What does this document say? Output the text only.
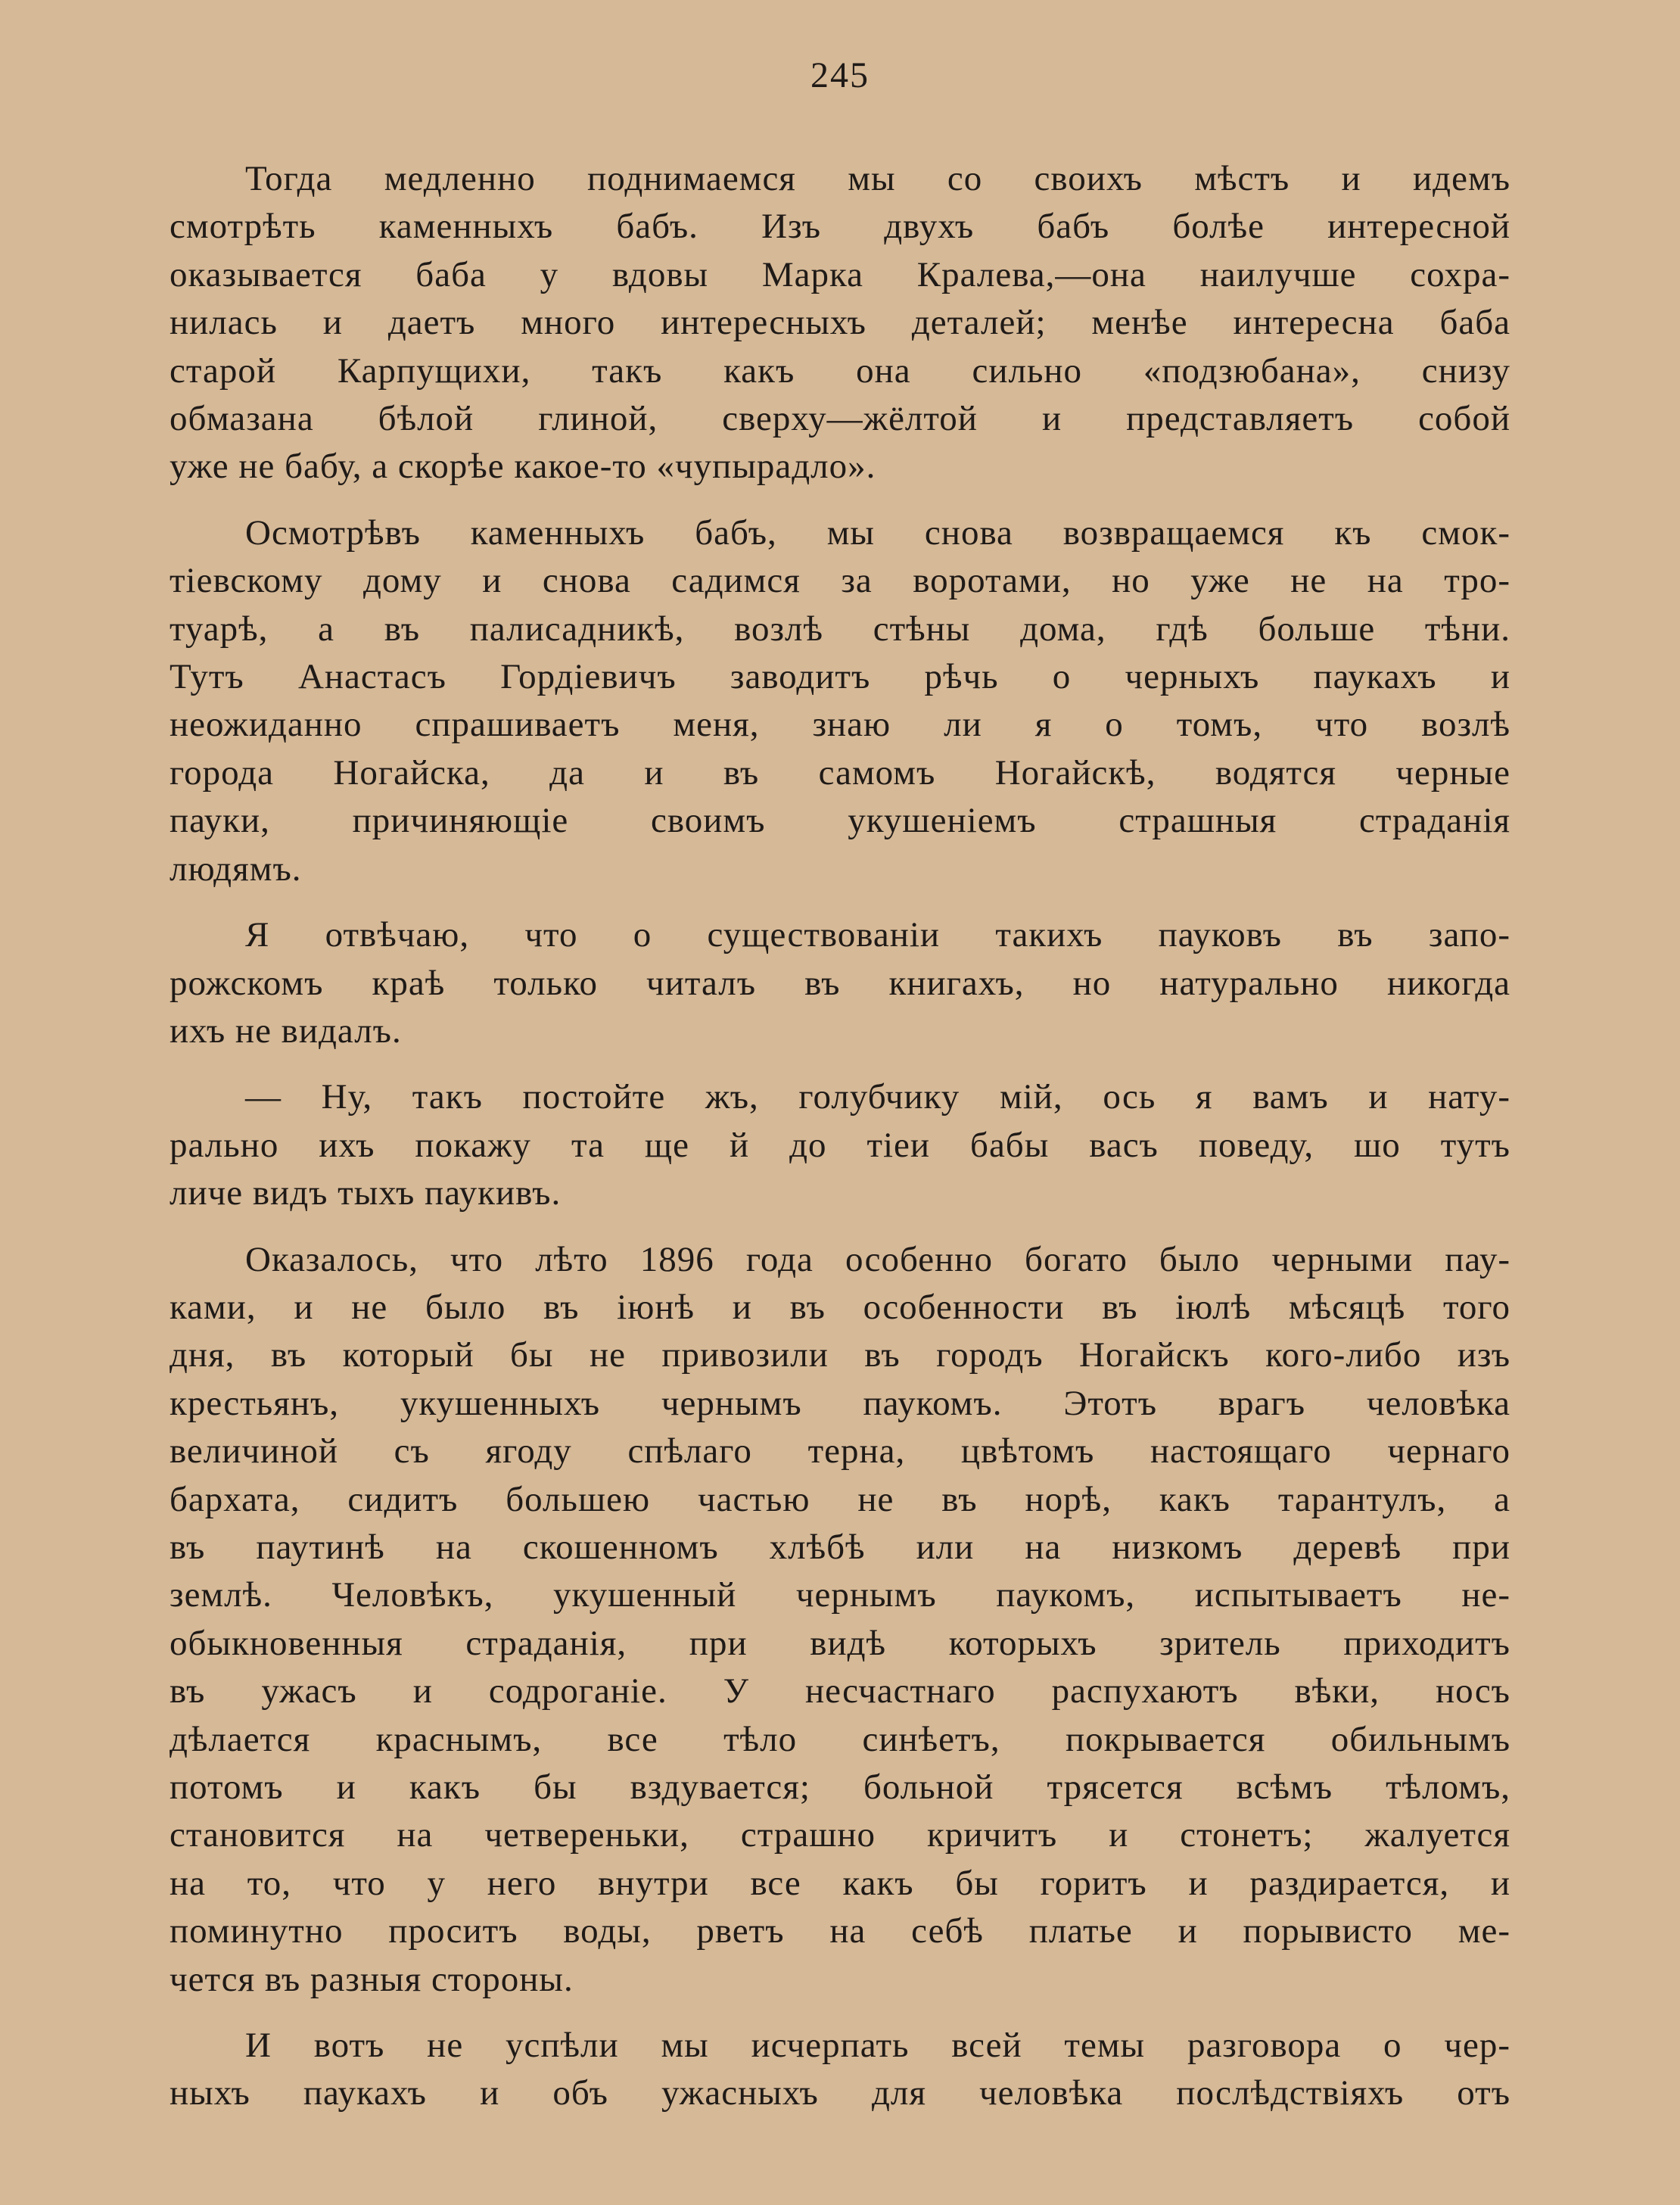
245
Тогда медленно поднимаемся мы со своихъ мѣстъ и идемъ
смотрѣть каменныхъ бабъ. Изъ двухъ бабъ болѣе интересной
оказывается баба у вдовы Марка Кралева,—она наилучше сохра-
нилась и даетъ много интересныхъ деталей; менѣе интересна баба
старой Карпущихи, такъ какъ она сильно «подзюбана», снизу
обмазана бѣлой глиной, сверху—жёлтой и представляетъ собой
уже не бабу, а скорѣе какое-то «чупырадло».
Осмотрѣвъ каменныхъ бабъ, мы снова возвращаемся къ смок-
тіевскому дому и снова садимся за воротами, но уже не на тро-
туарѣ, а въ палисадникѣ, возлѣ стѣны дома, гдѣ больше тѣни.
Тутъ Анастасъ Гордіевичъ заводитъ рѣчь о черныхъ паукахъ и
неожиданно спрашиваетъ меня, знаю ли я о томъ, что возлѣ
города Ногайска, да и въ самомъ Ногайскѣ, водятся черные
пауки, причиняющіе своимъ укушеніемъ страшныя страданія
людямъ.
Я отвѣчаю, что о существованіи такихъ пауковъ въ запо-
рожскомъ краѣ только читалъ въ книгахъ, но натурально никогда
ихъ не видалъ.
— Ну, такъ постойте жъ, голубчику мій, ось я вамъ и нату-
рально ихъ покажу та ще й до тіеи бабы васъ поведу, шо тутъ
личе видъ тыхъ паукивъ.
Оказалось, что лѣто 1896 года особенно богато было черными пау-
ками, и не было въ іюнѣ и въ особенности въ іюлѣ мѣсяцѣ того
дня, въ который бы не привозили въ городъ Ногайскъ кого-либо изъ
крестьянъ, укушенныхъ чернымъ паукомъ. Этотъ врагъ человѣка
величиной съ ягоду спѣлаго терна, цвѣтомъ настоящаго чернаго
бархата, сидитъ большею частью не въ норѣ, какъ тарантулъ, а
въ паутинѣ на скошенномъ хлѣбѣ или на низкомъ деревѣ при
землѣ. Человѣкъ, укушенный чернымъ паукомъ, испытываетъ не-
обыкновенныя страданія, при видѣ которыхъ зритель приходитъ
въ ужасъ и содроганіе. У несчастнаго распухаютъ вѣки, носъ
дѣлается краснымъ, все тѣло синѣетъ, покрывается обильнымъ
потомъ и какъ бы вздувается; больной трясется всѣмъ тѣломъ,
становится на четвереньки, страшно кричитъ и стонетъ; жалуется
на то, что у него внутри все какъ бы горитъ и раздирается, и
поминутно проситъ воды, рветъ на себѣ платье и порывисто ме-
чется въ разныя стороны.
И вотъ не успѣли мы исчерпать всей темы разговора о чер-
ныхъ паукахъ и объ ужасныхъ для человѣка послѣдствіяхъ отъ
